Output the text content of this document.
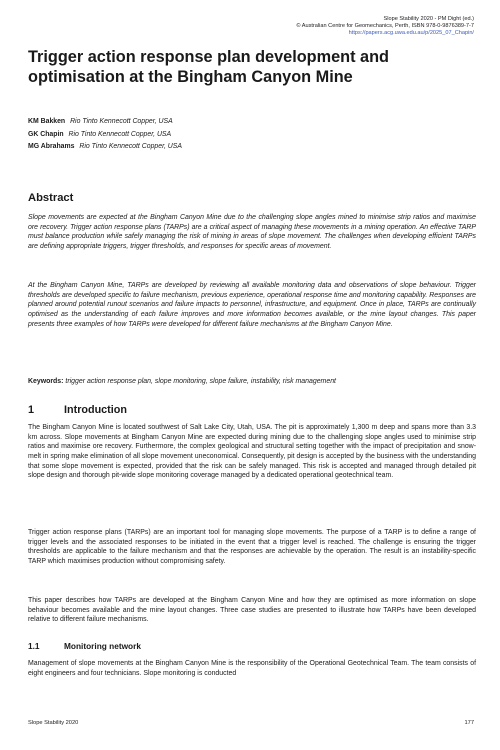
Slope Stability 2020 - PM Dight (ed.)
© Australian Centre for Geomechanics, Perth, ISBN 978-0-9876389-7-7
https://papers.acg.uwa.edu.au/p/2025_07_Chapin/
Trigger action response plan development and optimisation at the Bingham Canyon Mine
KM Bakken Rio Tinto Kennecott Copper, USA
GK Chapin Rio Tinto Kennecott Copper, USA
MG Abrahams Rio Tinto Kennecott Copper, USA
Abstract

Slope movements are expected at the Bingham Canyon Mine due to the challenging slope angles mined to minimise strip ratios and maximise ore recovery. Trigger action response plans (TARPs) are a critical aspect of managing these movements in a mining operation. An effective TARP must balance production while safely managing the risk of mining in areas of slope movement. The challenges when developing efficient TARPs are defining appropriate triggers, trigger thresholds, and responses for specific areas of movement.

At the Bingham Canyon Mine, TARPs are developed by reviewing all available monitoring data and observations of slope behaviour. Trigger thresholds are developed specific to failure mechanism, previous experience, operational response time and monitoring capability. Responses are planned around potential runout scenarios and failure impacts to personnel, infrastructure, and equipment. Once in place, TARPs are continually optimised as the understanding of each failure improves and more information becomes available, or the mine layout changes. This paper presents three examples of how TARPs were developed for different failure mechanisms at the Bingham Canyon Mine.

Keywords: trigger action response plan, slope monitoring, slope failure, instability, risk management

1	Introduction

The Bingham Canyon Mine is located southwest of Salt Lake City, Utah, USA. The pit is approximately 1,300 m deep and spans more than 3.3 km across. Slope movements at Bingham Canyon Mine are expected during mining due to the challenging slope angles used to minimise strip ratios and maximise ore recovery. Furthermore, the complex geological and structural setting together with the impact of precipitation and snow-melt in spring make elimination of all slope movement uneconomical. Consequently, pit design is accepted by the business with the understanding that some slope movement is expected, provided that the risk can be safely managed. This risk is accepted and managed through detailed pit slope design and thorough pit-wide slope monitoring coverage managed by a dedicated operational geotechnical team.

Trigger action response plans (TARPs) are an important tool for managing slope movements. The purpose of a TARP is to define a range of trigger levels and the associated responses to be initiated in the event that a trigger level is reached. The challenge is ensuring the trigger thresholds are applicable to the failure mechanism and that the responses are achievable by the operation. The result is an instability-specific TARP which maximises production without compromising safety.

This paper describes how TARPs are developed at the Bingham Canyon Mine and how they are optimised as more information on slope behaviour becomes available and the mine layout changes. Three case studies are presented to illustrate how TARPs have been developed relative to different failure mechanisms.

1.1	Monitoring network

Management of slope movements at the Bingham Canyon Mine is the responsibility of the Operational Geotechnical Team. The team consists of eight engineers and four technicians. Slope monitoring is conducted

Slope Stability 2020	177
